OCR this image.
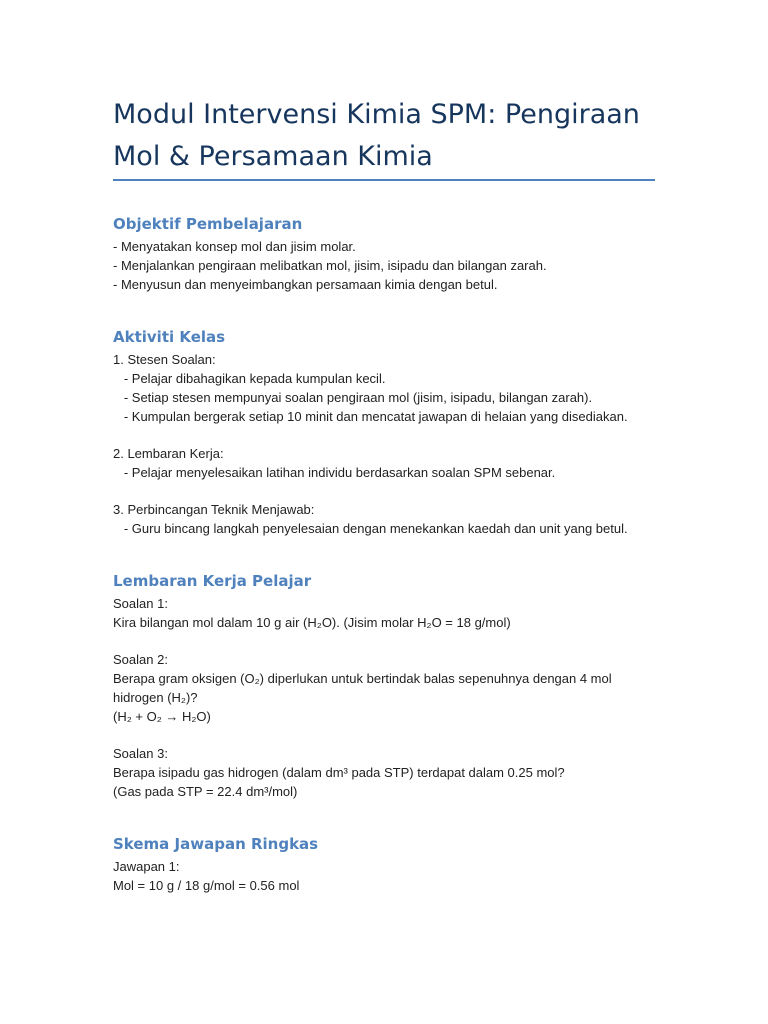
Modul Intervensi Kimia SPM: Pengiraan Mol & Persamaan Kimia
Objektif Pembelajaran

- Menyatakan konsep mol dan jisim molar.

- Menjalankan pengiraan melibatkan mol, jisim, isipadu dan bilangan zarah.

- Menyusun dan menyeimbangkan persamaan kimia dengan betul.

Aktiviti Kelas

1. Stesen Soalan:

- Pelajar dibahagikan kepada kumpulan kecil.

- Setiap stesen mempunyai soalan pengiraan mol (jisim, isipadu, bilangan zarah).

- Kumpulan bergerak setiap 10 minit dan mencatat jawapan di helaian yang disediakan.

2. Lembaran Kerja:

- Pelajar menyelesaikan latihan individu berdasarkan soalan SPM sebenar.

3. Perbincangan Teknik Menjawab:

- Guru bincang langkah penyelesaian dengan menekankan kaedah dan unit yang betul.

Lembaran Kerja Pelajar

Soalan 1:

Kira bilangan mol dalam 10 g air (H₂O). (Jisim molar H₂O = 18 g/mol)

Soalan 2:

Berapa gram oksigen (O₂) diperlukan untuk bertindak balas sepenuhnya dengan 4 mol hidrogen (H₂)?

(H₂ + O₂ → H₂O)

Soalan 3:

Berapa isipadu gas hidrogen (dalam dm³ pada STP) terdapat dalam 0.25 mol?

(Gas pada STP = 22.4 dm³/mol)

Skema Jawapan Ringkas

Jawapan 1:

Mol = 10 g / 18 g/mol = 0.56 mol
